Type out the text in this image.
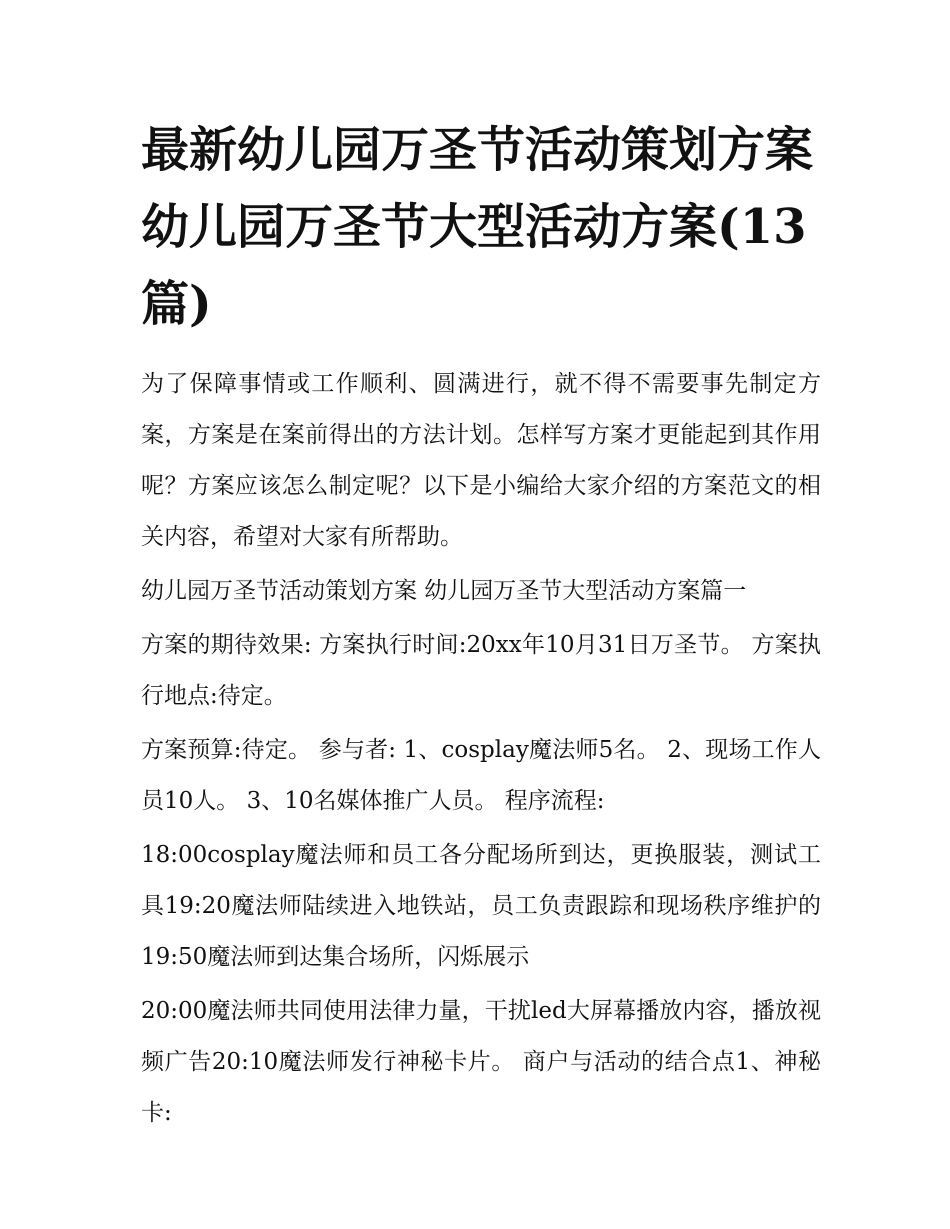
最新幼儿园万圣节活动策划方案 幼儿园万圣节大型活动方案(13篇)

为了保障事情或工作顺利、圆满进行，就不得不需要事先制定方案，方案是在案前得出的方法计划。怎样写方案才更能起到其作用呢？方案应该怎么制定呢？以下是小编给大家介绍的方案范文的相关内容，希望对大家有所帮助。

幼儿园万圣节活动策划方案 幼儿园万圣节大型活动方案篇一

方案的期待效果: 方案执行时间:20xx年10月31日万圣节。 方案执行地点:待定。

方案预算:待定。 参与者: 1、cosplay魔法师5名。 2、现场工作人员10人。 3、10名媒体推广人员。 程序流程:

18:00cosplay魔法师和员工各分配场所到达，更换服装，测试工具19:20魔法师陆续进入地铁站，员工负责跟踪和现场秩序维护的19:50魔法师到达集合场所，闪烁展示

20:00魔法师共同使用法律力量，干扰led大屏幕播放内容，播放视频广告20:10魔法师发行神秘卡片。 商户与活动的结合点1、神秘卡:
